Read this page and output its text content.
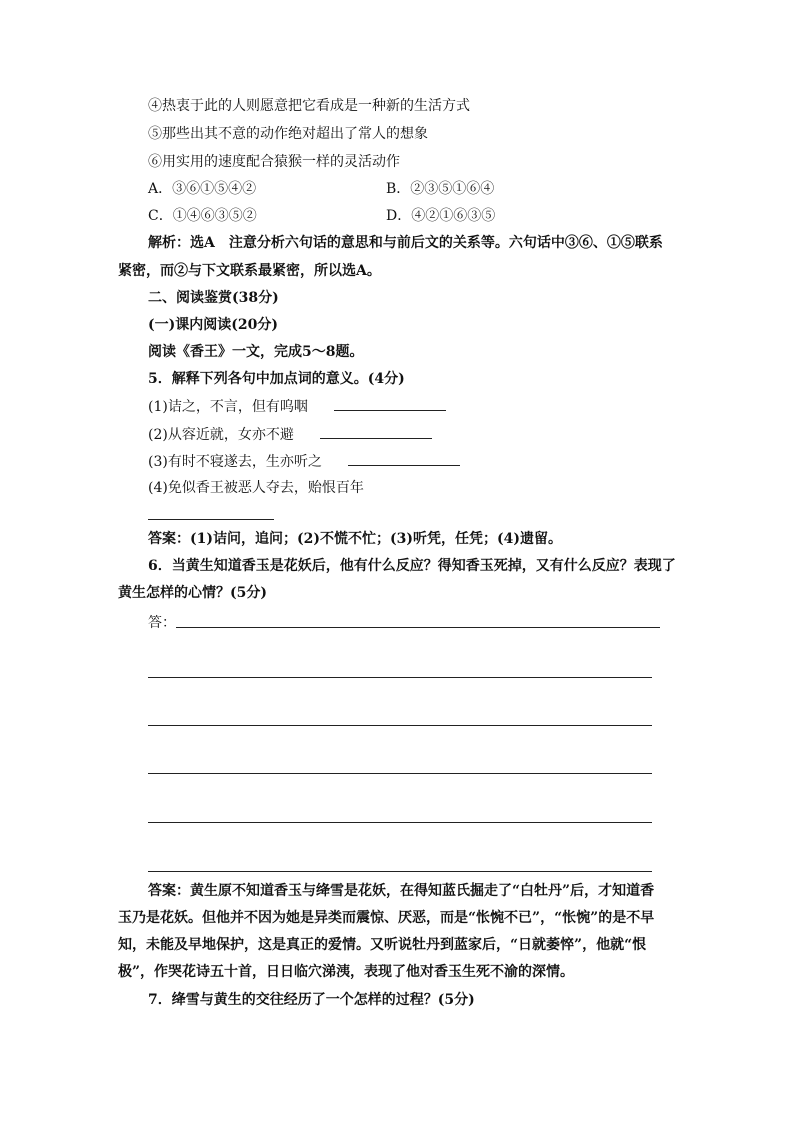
④热衷于此的人则愿意把它看成是一种新的生活方式
⑤那些出其不意的动作绝对超出了常人的想象
⑥用实用的速度配合猿猴一样的灵活动作
A．③⑥①⑤④②	B．②③⑤①⑥④
C．①④⑥③⑤②	D．④②①⑥③⑤
解析：选A　注意分析六句话的意思和与前后文的关系等。六句话中③⑥、①⑤联系
紧密，而②与下文联系最紧密，所以选A。
二、阅读鉴赏(38分)
(一)课内阅读(20分)
阅读《香王》一文，完成5～8题。
5．解释下列各句中加点词的意义。(4分)
(1)诘之，不言，但有呜咽
(2)从容近就，女亦不避
(3)有时不寝遂去，生亦听之
(4)免似香王被恶人夺去，贻恨百年
答案：(1)诘问，追问；(2)不慌不忙；(3)听凭，任凭；(4)遗留。
6．当黄生知道香玉是花妖后，他有什么反应？得知香玉死掉，又有什么反应？表现了
黄生怎样的心情？(5分)
答：
答案：黄生原不知道香玉与绛雪是花妖，在得知蓝氏掘走了“白牡丹”后，才知道香
玉乃是花妖。但他并不因为她是异类而震惊、厌恶，而是“怅惋不已”，“怅惋”的是不早
知，未能及早地保护，这是真正的爱情。又听说牡丹到蓝家后，“日就萎悴”，他就“恨
极”，作哭花诗五十首，日日临穴涕洟，表现了他对香玉生死不渝的深情。
7．绛雪与黄生的交往经历了一个怎样的过程？(5分)
